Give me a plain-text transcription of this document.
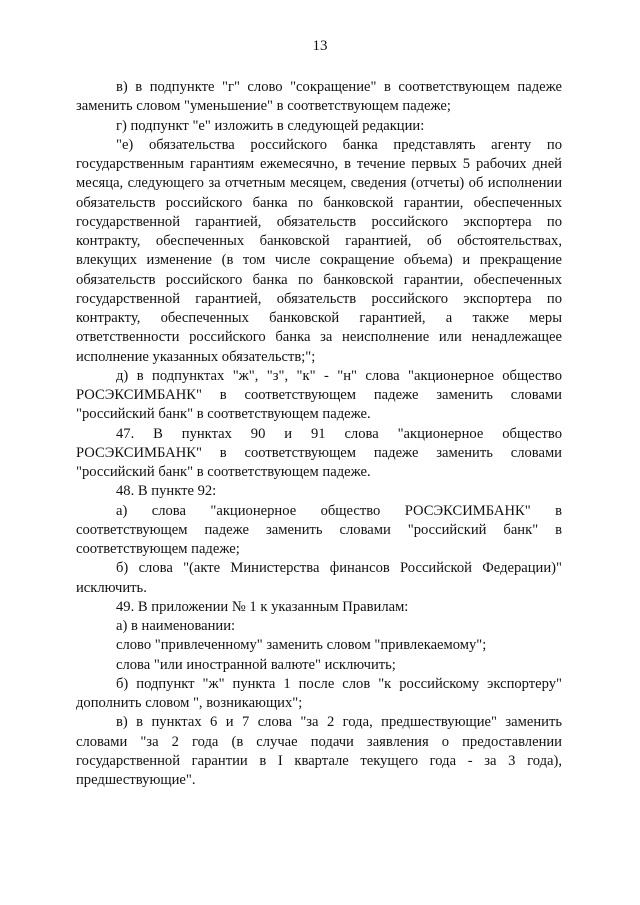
13

в) в подпункте "г" слово "сокращение" в соответствующем падеже заменить словом "уменьшение" в соответствующем падеже;

г) подпункт "е" изложить в следующей редакции:

"е) обязательства российского банка представлять агенту по государственным гарантиям ежемесячно, в течение первых 5 рабочих дней месяца, следующего за отчетным месяцем, сведения (отчеты) об исполнении обязательств российского банка по банковской гарантии, обеспеченных государственной гарантией, обязательств российского экспортера по контракту, обеспеченных банковской гарантией, об обстоятельствах, влекущих изменение (в том числе сокращение объема) и прекращение обязательств российского банка по банковской гарантии, обеспеченных государственной гарантией, обязательств российского экспортера по контракту, обеспеченных банковской гарантией, а также меры ответственности российского банка за неисполнение или ненадлежащее исполнение указанных обязательств;";

д) в подпунктах "ж", "з", "к" - "н" слова "акционерное общество РОСЭКСИМБАНК" в соответствующем падеже заменить словами "российский банк" в соответствующем падеже.

47. В пунктах 90 и 91 слова "акционерное общество РОСЭКСИМБАНК" в соответствующем падеже заменить словами "российский банк" в соответствующем падеже.

48. В пункте 92:

а) слова "акционерное общество РОСЭКСИМБАНК" в соответствующем падеже заменить словами "российский банк" в соответствующем падеже;

б) слова "(акте Министерства финансов Российской Федерации)" исключить.

49. В приложении № 1 к указанным Правилам:

а) в наименовании:

слово "привлеченному" заменить словом "привлекаемому";

слова "или иностранной валюте" исключить;

б) подпункт "ж" пункта 1 после слов "к российскому экспортеру" дополнить словом ", возникающих";

в) в пунктах 6 и 7 слова "за 2 года, предшествующие" заменить словами "за 2 года (в случае подачи заявления о предоставлении государственной гарантии в I квартале текущего года - за 3 года), предшествующие".
